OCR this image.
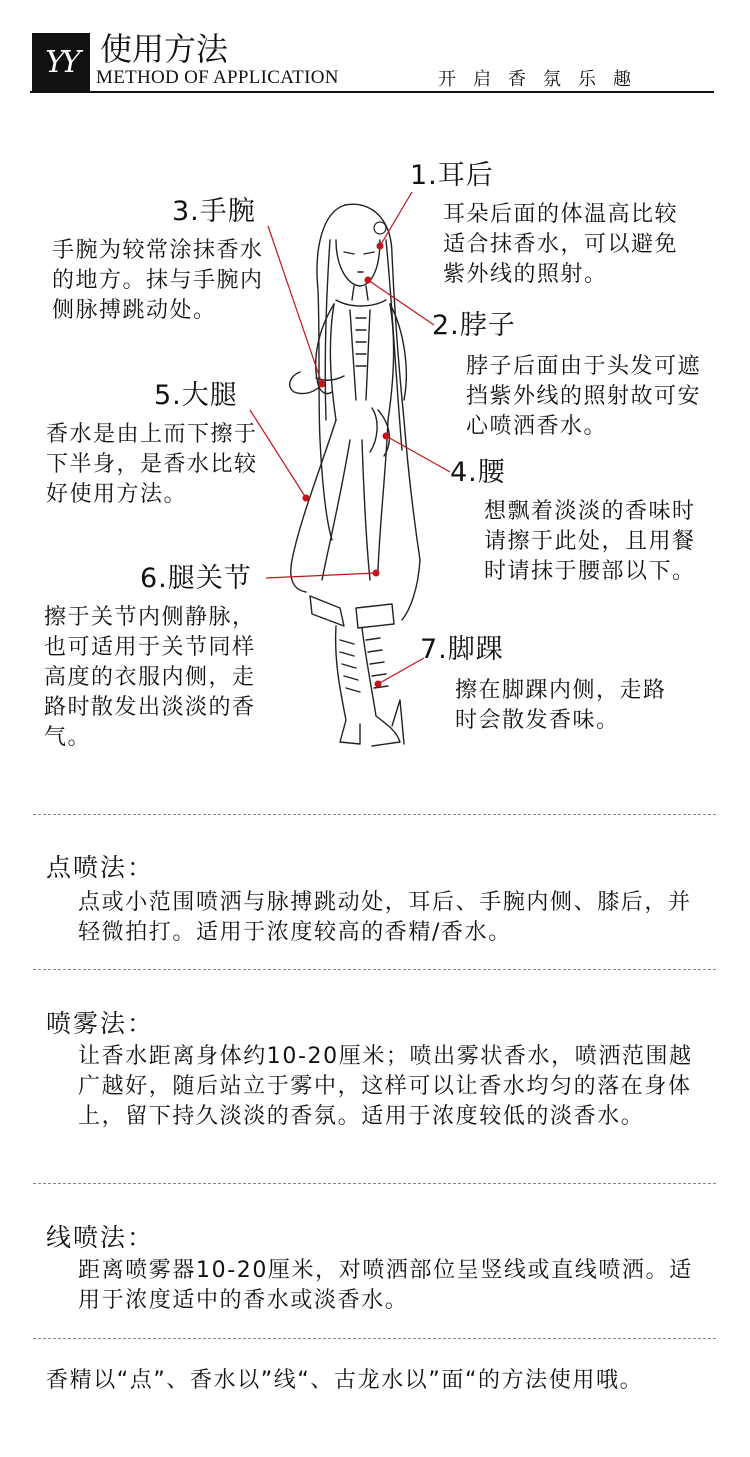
YY 使用方法
METHOD OF APPLICATION	开启香氛乐趣
1.耳后
耳朵后面的体温高比较适合抹香水，可以避免紫外线的照射。
2.脖子
脖子后面由于头发可遮挡紫外线的照射故可安心喷洒香水。
3.手腕
手腕为较常涂抹香水的地方。抹与手腕内侧脉搏跳动处。
4.腰
想飘着淡淡的香味时请擦于此处，且用餐时请抹于腰部以下。
5.大腿
香水是由上而下擦于下半身，是香水比较好使用方法。
6.腿关节
擦于关节内侧静脉，也可适用于关节同样高度的衣服内侧，走路时散发出淡淡的香气。
7.脚踝
擦在脚踝内侧，走路时会散发香味。
点喷法：
点或小范围喷洒与脉搏跳动处，耳后、手腕内侧、膝后，并轻微拍打。适用于浓度较高的香精/香水。
喷雾法：
让香水距离身体约10-20厘米；喷出雾状香水，喷洒范围越广越好，随后站立于雾中，这样可以让香水均匀的落在身体上，留下持久淡淡的香氛。适用于浓度较低的淡香水。
线喷法：
距离喷雾器10-20厘米，对喷洒部位呈竖线或直线喷洒。适用于浓度适中的香水或淡香水。
香精以“点”、香水以”线“、古龙水以”面“的方法使用哦。
